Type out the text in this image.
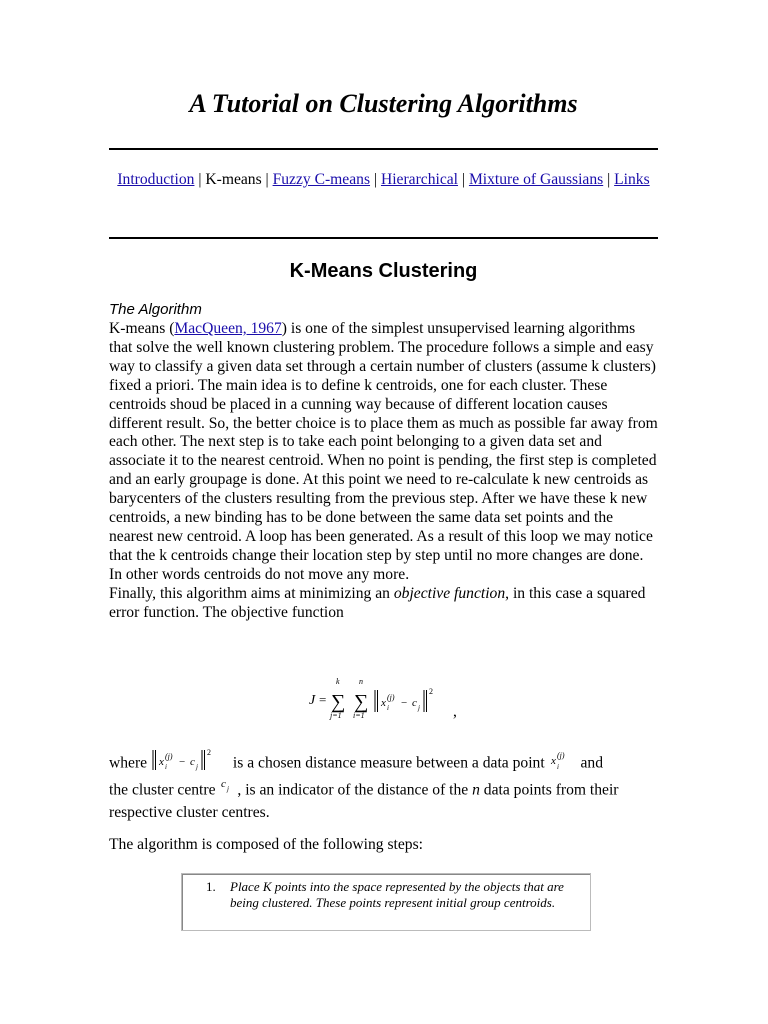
A Tutorial on Clustering Algorithms
Introduction | K-means | Fuzzy C-means | Hierarchical | Mixture of Gaussians | Links
K-Means Clustering
The Algorithm

K-means (MacQueen, 1967) is one of the simplest unsupervised learning algorithms that solve the well known clustering problem. The procedure follows a simple and easy way to classify a given data set through a certain number of clusters (assume k clusters) fixed a priori. The main idea is to define k centroids, one for each cluster. These centroids shoud be placed in a cunning way because of different location causes different result. So, the better choice is to place them as much as possible far away from each other. The next step is to take each point belonging to a given data set and associate it to the nearest centroid. When no point is pending, the first step is completed and an early groupage is done. At this point we need to re-calculate k new centroids as barycenters of the clusters resulting from the previous step. After we have these k new centroids, a new binding has to be done between the same data set points and the nearest new centroid. A loop has been generated. As a result of this loop we may notice that the k centroids change their location step by step until no more changes are done. In other words centroids do not move any more.

Finally, this algorithm aims at minimizing an objective function, in this case a squared error function. The objective function

J =
k
∑
j=1
n
∑
i=1
x (j)
i − c j
2
,
where x (j)
i − c j
2
is a chosen distance measure between a data point x (j)
i and
the cluster centre c j , is an indicator of the distance of the n data points from their respective cluster centres.
The algorithm is composed of the following steps:
1. Place K points into the space represented by the objects that are being clustered. These points represent initial group centroids.
